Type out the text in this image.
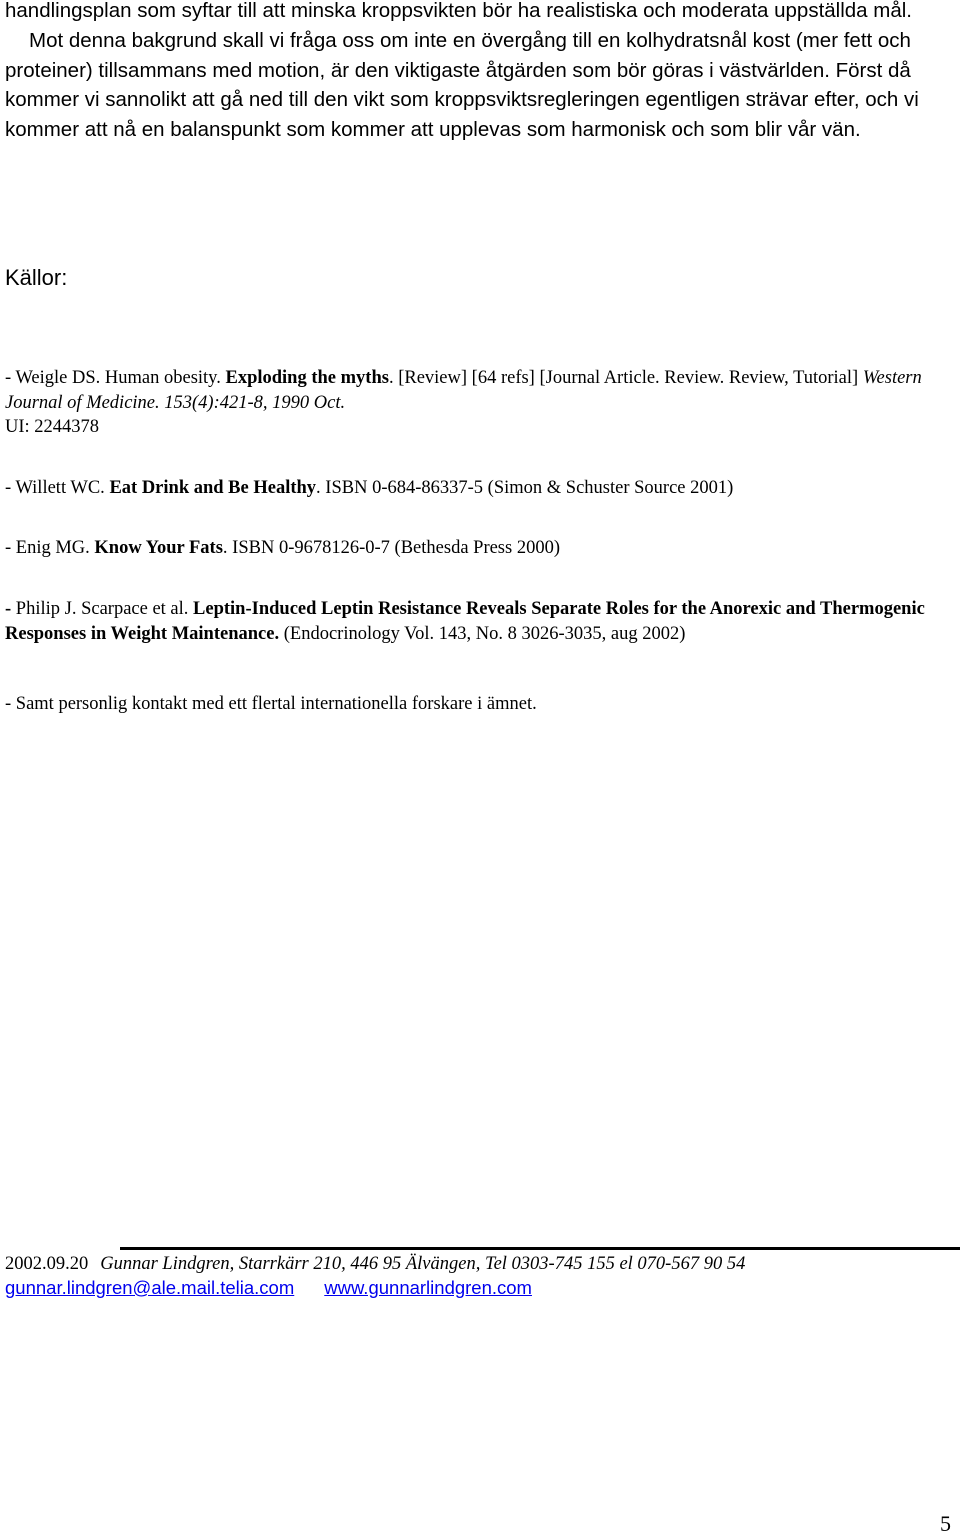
handlingsplan som syftar till att minska kroppsvikten bör ha realistiska och moderata uppställda mål.

Mot denna bakgrund skall vi fråga oss om inte en övergång till en kolhydratsnål kost (mer fett och proteiner) tillsammans med motion, är den viktigaste åtgärden som bör göras i västvärlden. Först då kommer vi sannolikt att gå ned till den vikt som kroppsviktsregleringen egentligen strävar efter, och vi kommer att nå en balanspunkt som kommer att upplevas som harmonisk och som blir vår vän.

Källor:

- Weigle DS. Human obesity. Exploding the myths. [Review] [64 refs] [Journal Article. Review. Review, Tutorial] Western Journal of Medicine. 153(4):421-8, 1990 Oct.
UI: 2244378

- Willett WC. Eat Drink and Be Healthy. ISBN 0-684-86337-5 (Simon & Schuster Source 2001)

- Enig MG. Know Your Fats. ISBN 0-9678126-0-7 (Bethesda Press 2000)

- Philip J. Scarpace et al. Leptin-Induced Leptin Resistance Reveals Separate Roles for the Anorexic and Thermogenic Responses in Weight Maintenance. (Endocrinology Vol. 143, No. 8 3026-3035, aug 2002)

- Samt personlig kontakt med ett flertal internationella forskare i ämnet.

2002.09.20 Gunnar Lindgren, Starrkärr 210, 446 95 Älvängen, Tel 0303-745 155 el 070-567 90 54

gunnar.lindgren@ale.mail.telia.com www.gunnarlindgren.com

5
